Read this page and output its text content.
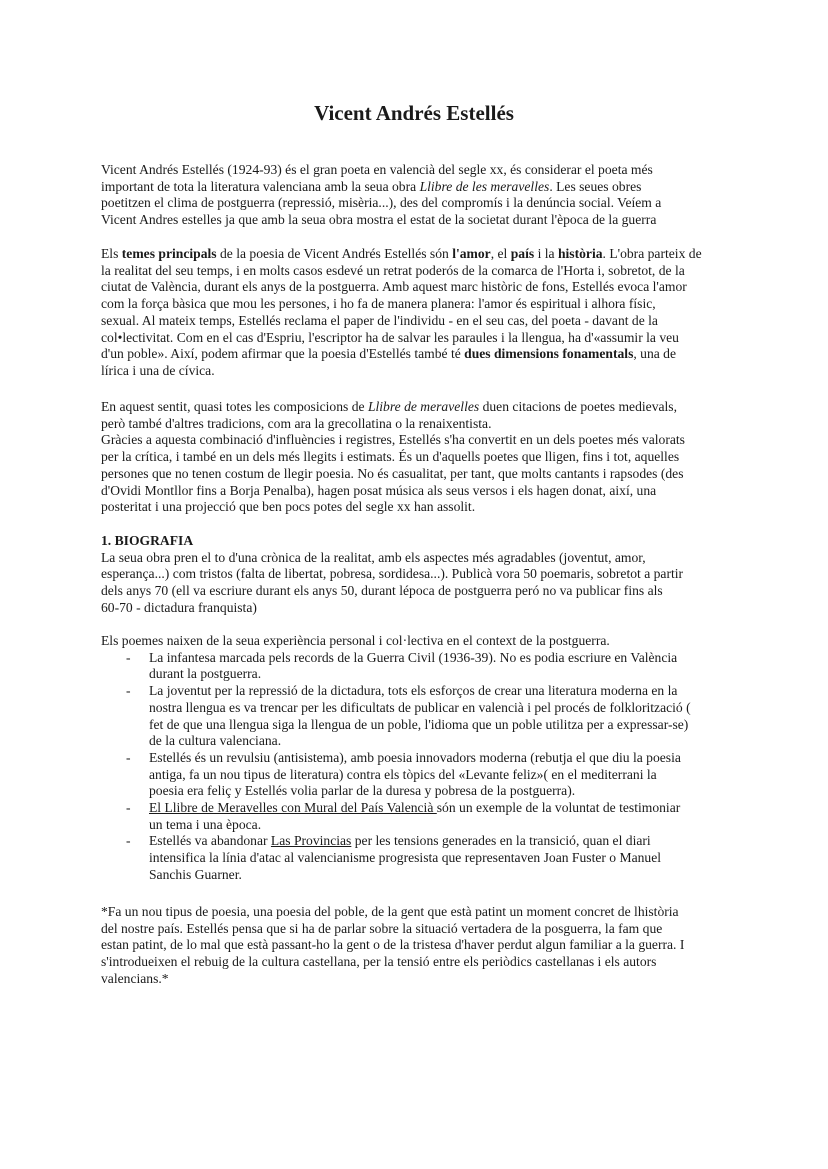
Vicent Andrés Estellés
Vicent Andrés Estellés (1924-93) és el gran poeta en valencià del segle xx, és considerar el poeta més
important de tota la literatura valenciana amb la seua obra Llibre de les meravelles. Les seues obres
poetitzen el clima de postguerra (repressió, misèria...), des del compromís i la denúncia social. Veíem a
Vicent Andres estelles ja que amb la seua obra mostra el estat de la societat durant l'època de la guerra
Els temes principals de la poesia de Vicent Andrés Estellés són l'amor, el país i la història. L'obra parteix de
la realitat del seu temps, i en molts casos esdevé un retrat poderós de la comarca de l'Horta i, sobretot, de la
ciutat de València, durant els anys de la postguerra. Amb aquest marc històric de fons, Estellés evoca l'amor
com la força bàsica que mou les persones, i ho fa de manera planera: l'amor és espiritual i alhora físic,
sexual. Al mateix temps, Estellés reclama el paper de l'individu - en el seu cas, del poeta - davant de la
col•lectivitat. Com en el cas d'Espriu, l'escriptor ha de salvar les paraules i la llengua, ha d'«assumir la veu
d'un poble». Així, podem afirmar que la poesia d'Estellés també té dues dimensions fonamentals, una de
lírica i una de cívica.
En aquest sentit, quasi totes les composicions de Llibre de meravelles duen citacions de poetes medievals,
però també d'altres tradicions, com ara la grecollatina o la renaixentista.
Gràcies a aquesta combinació d'influències i registres, Estellés s'ha convertit en un dels poetes més valorats
per la crítica, i també en un dels més llegits i estimats. És un d'aquells poetes que lligen, fins i tot, aquelles
persones que no tenen costum de llegir poesia. No és casualitat, per tant, que molts cantants i rapsodes (des
d'Ovidi Montllor fins a Borja Penalba), hagen posat música als seus versos i els hagen donat, així, una
posteritat i una projecció que ben pocs potes del segle xx han assolit.
1. BIOGRAFIA
La seua obra pren el to d'una crònica de la realitat, amb els aspectes més agradables (joventut, amor,
esperança...) com tristos (falta de libertat, pobresa, sordidesa...). Publicà vora 50 poemaris, sobretot a partir
dels anys 70 (ell va escriure durant els anys 50, durant lépoca de postguerra peró no va publicar fins als
60-70 - dictadura franquista)
Els poemes naixen de la seua experiència personal i col·lectiva en el context de la postguerra.
- La infantesa marcada pels records de la Guerra Civil (1936-39). No es podia escriure en València
durant la postguerra.
- La joventut per la repressió de la dictadura, tots els esforços de crear una literatura moderna en la
nostra llengua es va trencar per les dificultats de publicar en valencià i pel procés de folklorització (
fet de que una llengua siga la llengua de un poble, l'idioma que un poble utilitza per a expressar-se)
de la cultura valenciana.
- Estellés és un revulsiu (antisistema), amb poesia innovadors moderna (rebutja el que diu la poesia
antiga, fa un nou tipus de literatura) contra els tòpics del «Levante feliz»( en el mediterrani la
poesia era feliç y Estellés volia parlar de la duresa y pobresa de la postguerra).
- El Llibre de Meravelles con Mural del País Valencià són un exemple de la voluntat de testimoniar
un tema i una època.
- Estellés va abandonar Las Provincias per les tensions generades en la transició, quan el diari
intensifica la línia d'atac al valencianisme progresista que representaven Joan Fuster o Manuel
Sanchis Guarner.
*Fa un nou tipus de poesia, una poesia del poble, de la gent que està patint un moment concret de lhistòria
del nostre país. Estellés pensa que si ha de parlar sobre la situació vertadera de la posguerra, la fam que
estan patint, de lo mal que està passant-ho la gent o de la tristesa d'haver perdut algun familiar a la guerra. I
s'introdueixen el rebuig de la cultura castellana, per la tensió entre els periòdics castellanas i els autors
valencians.*
